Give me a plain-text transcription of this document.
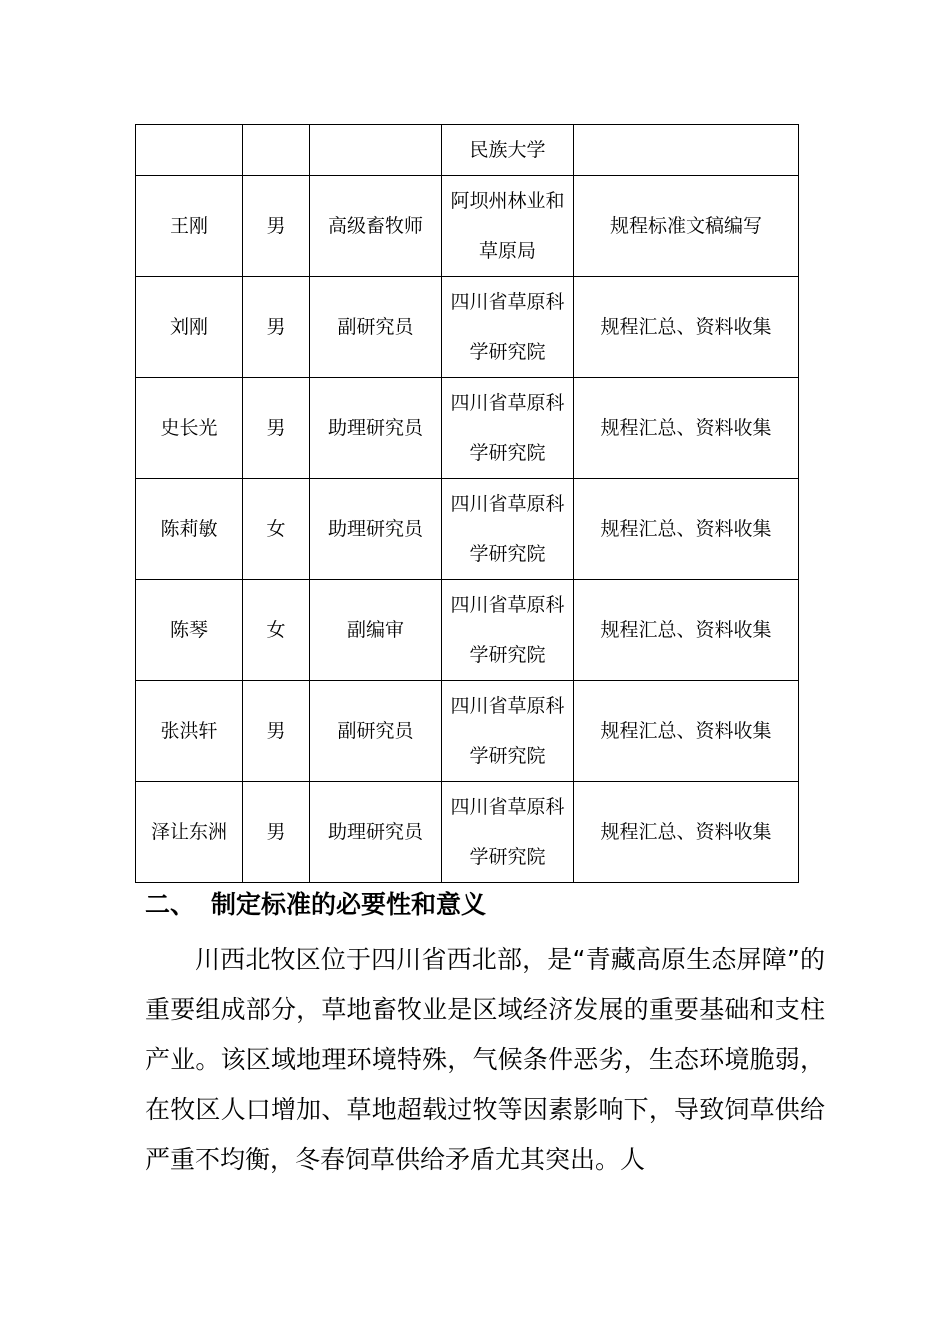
			民族大学	
王刚	男	高级畜牧师	阿坝州林业和草原局	规程标准文稿编写
刘刚	男	副研究员	四川省草原科学研究院	规程汇总、资料收集
史长光	男	助理研究员	四川省草原科学研究院	规程汇总、资料收集
陈莉敏	女	助理研究员	四川省草原科学研究院	规程汇总、资料收集
陈琴	女	副编审	四川省草原科学研究院	规程汇总、资料收集
张洪轩	男	副研究员	四川省草原科学研究院	规程汇总、资料收集
泽让东洲	男	助理研究员	四川省草原科学研究院	规程汇总、资料收集
二、 制定标准的必要性和意义

川西北牧区位于四川省西北部，是“青藏高原生态屏障”的重要组成部分，草地畜牧业是区域经济发展的重要基础和支柱产业。该区域地理环境特殊，气候条件恶劣，生态环境脆弱，在牧区人口增加、草地超载过牧等因素影响下，导致饲草供给严重不均衡，冬春饲草供给矛盾尤其突出。人
